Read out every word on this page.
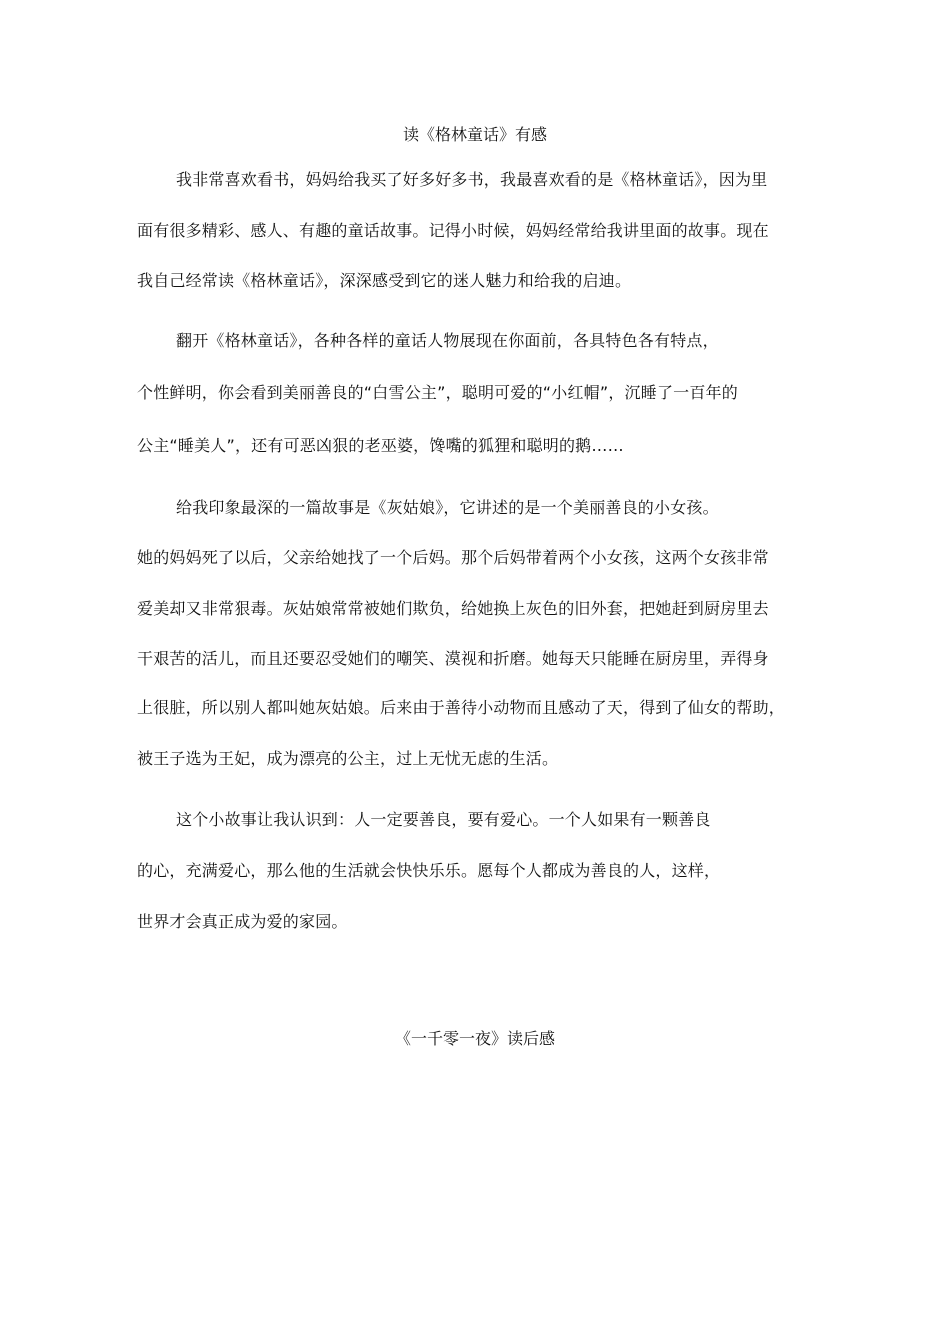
读《格林童话》有感
我非常喜欢看书，妈妈给我买了好多好多书，我最喜欢看的是《格林童话》，因为里
面有很多精彩、感人、有趣的童话故事。记得小时候，妈妈经常给我讲里面的故事。现在
我自己经常读《格林童话》，深深感受到它的迷人魅力和给我的启迪。
翻开《格林童话》，各种各样的童话人物展现在你面前，各具特色各有特点，
个性鲜明，你会看到美丽善良的“白雪公主”，聪明可爱的“小红帽”，沉睡了一百年的
公主“睡美人”，还有可恶凶狠的老巫婆，馋嘴的狐狸和聪明的鹅……
给我印象最深的一篇故事是《灰姑娘》，它讲述的是一个美丽善良的小女孩。
她的妈妈死了以后，父亲给她找了一个后妈。那个后妈带着两个小女孩，这两个女孩非常
爱美却又非常狠毒。灰姑娘常常被她们欺负，给她换上灰色的旧外套，把她赶到厨房里去
干艰苦的活儿，而且还要忍受她们的嘲笑、漠视和折磨。她每天只能睡在厨房里，弄得身
上很脏，所以别人都叫她灰姑娘。后来由于善待小动物而且感动了天，得到了仙女的帮助，
被王子选为王妃，成为漂亮的公主，过上无忧无虑的生活。
这个小故事让我认识到：人一定要善良，要有爱心。一个人如果有一颗善良
的心，充满爱心，那么他的生活就会快快乐乐。愿每个人都成为善良的人，这样，
世界才会真正成为爱的家园。
《一千零一夜》读后感
